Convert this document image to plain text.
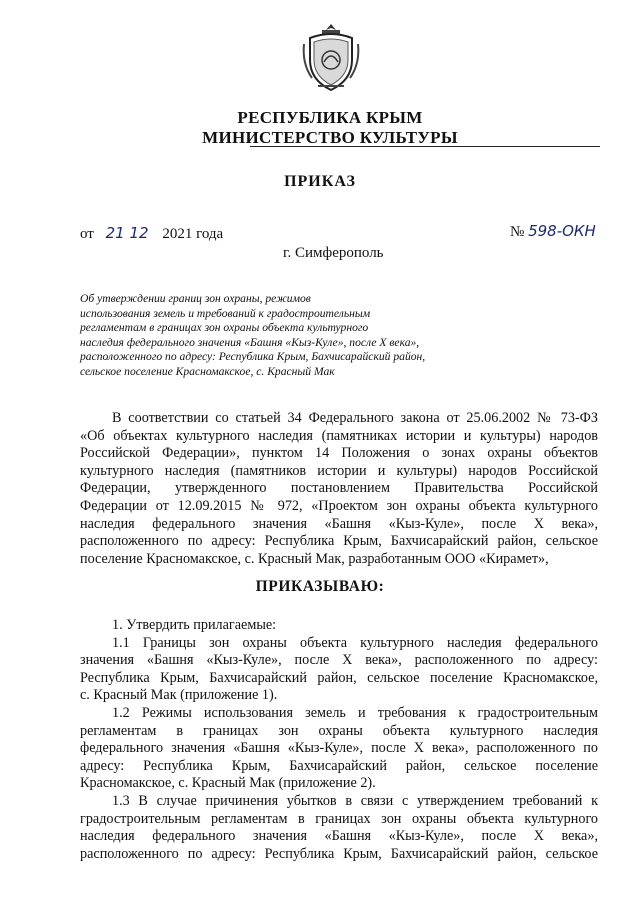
РЕСПУБЛИКА КРЫМ
МИНИСТЕРСТВО КУЛЬТУРЫ
ПРИКАЗ
от 21 12 2021 года	№ 598-ОКН
г. Симферополь
Об утверждении границ зон охраны, режимов
использования земель и требований к градостроительным
регламентам в границах зон охраны объекта культурного
наследия федерального значения «Башня «Кыз-Куле», после X века»,
расположенного по адресу: Республика Крым, Бахчисарайский район,
сельское поселение Красномакское, с. Красный Мак
В соответствии со статьей 34 Федерального закона от 25.06.2002 № 73-ФЗ
«Об объектах культурного наследия (памятниках истории и культуры) народов
Российской Федерации», пунктом 14 Положения о зонах охраны объектов
культурного наследия (памятников истории и культуры) народов Российской
Федерации, утвержденного постановлением Правительства Российской
Федерации от 12.09.2015 № 972, «Проектом зон охраны объекта культурного
наследия федерального значения «Башня «Кыз-Куле», после X века»,
расположенного по адресу: Республика Крым, Бахчисарайский район, сельское
поселение Красномакское, с. Красный Мак, разработанным ООО «Кирамет»,
ПРИКАЗЫВАЮ:
1. Утвердить прилагаемые:
1.1 Границы зон охраны объекта культурного наследия федерального
значения «Башня «Кыз-Куле», после X века», расположенного по адресу:
Республика Крым, Бахчисарайский район, сельское поселение Красномакское,
с. Красный Мак (приложение 1).
1.2 Режимы использования земель и требования к градостроительным
регламентам в границах зон охраны объекта культурного наследия
федерального значения «Башня «Кыз-Куле», после X века», расположенного по
адресу: Республика Крым, Бахчисарайский район, сельское поселение
Красномакское, с. Красный Мак (приложение 2).
1.3 В случае причинения убытков в связи с утверждением требований к
градостроительным регламентам в границах зон охраны объекта культурного
наследия федерального значения «Башня «Кыз-Куле», после X века»,
расположенного по адресу: Республика Крым, Бахчисарайский район, сельское
